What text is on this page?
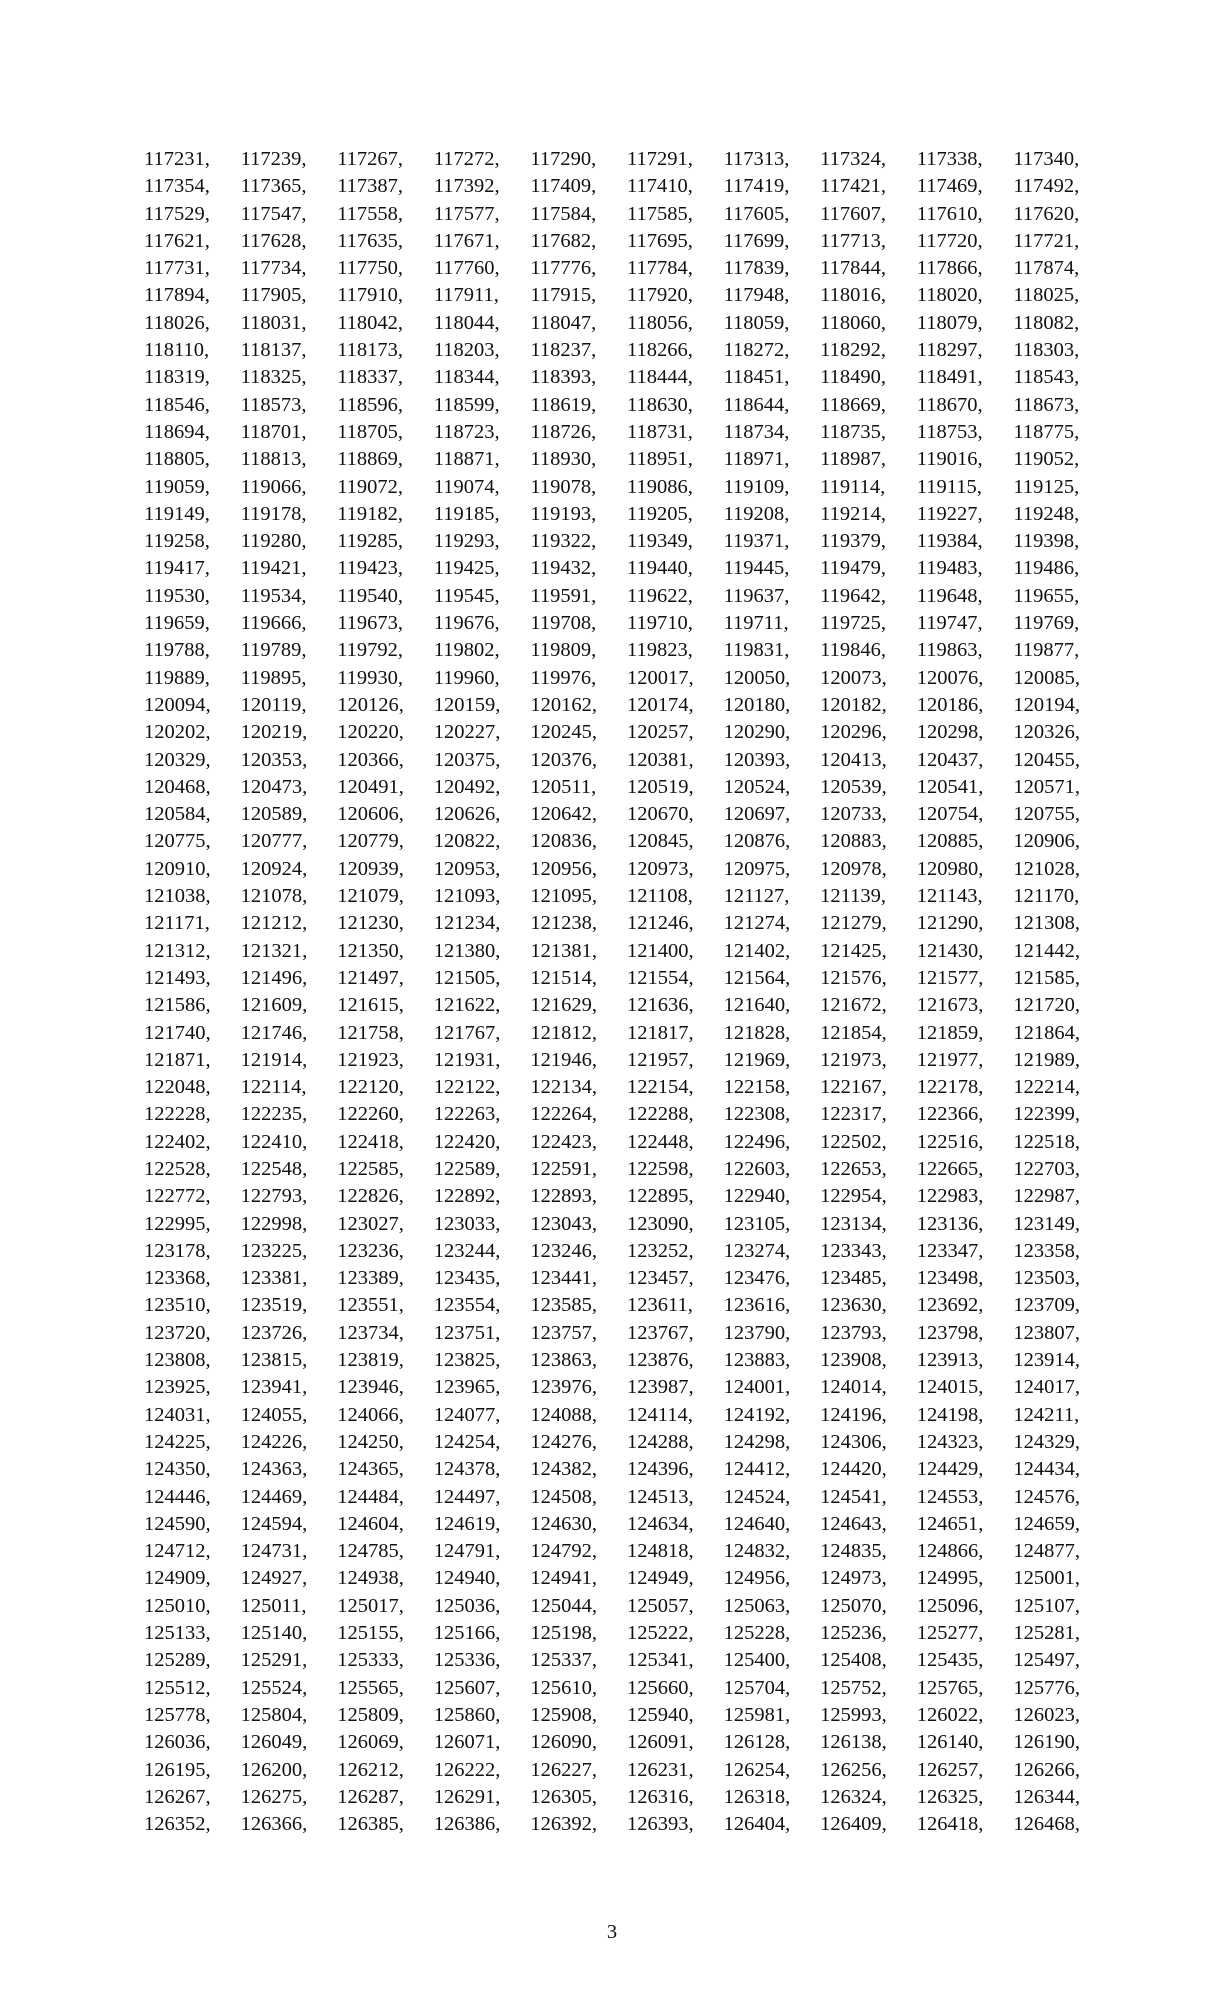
117231,	117239,	117267,	117272,	117290,	117291,	117313,	117324,	117338,	117340,
117354,	117365,	117387,	117392,	117409,	117410,	117419,	117421,	117469,	117492,
117529,	117547,	117558,	117577,	117584,	117585,	117605,	117607,	117610,	117620,
117621,	117628,	117635,	117671,	117682,	117695,	117699,	117713,	117720,	117721,
117731,	117734,	117750,	117760,	117776,	117784,	117839,	117844,	117866,	117874,
117894,	117905,	117910,	117911,	117915,	117920,	117948,	118016,	118020,	118025,
118026,	118031,	118042,	118044,	118047,	118056,	118059,	118060,	118079,	118082,
118110,	118137,	118173,	118203,	118237,	118266,	118272,	118292,	118297,	118303,
118319,	118325,	118337,	118344,	118393,	118444,	118451,	118490,	118491,	118543,
118546,	118573,	118596,	118599,	118619,	118630,	118644,	118669,	118670,	118673,
118694,	118701,	118705,	118723,	118726,	118731,	118734,	118735,	118753,	118775,
118805,	118813,	118869,	118871,	118930,	118951,	118971,	118987,	119016,	119052,
119059,	119066,	119072,	119074,	119078,	119086,	119109,	119114,	119115,	119125,
119149,	119178,	119182,	119185,	119193,	119205,	119208,	119214,	119227,	119248,
119258,	119280,	119285,	119293,	119322,	119349,	119371,	119379,	119384,	119398,
119417,	119421,	119423,	119425,	119432,	119440,	119445,	119479,	119483,	119486,
119530,	119534,	119540,	119545,	119591,	119622,	119637,	119642,	119648,	119655,
119659,	119666,	119673,	119676,	119708,	119710,	119711,	119725,	119747,	119769,
119788,	119789,	119792,	119802,	119809,	119823,	119831,	119846,	119863,	119877,
119889,	119895,	119930,	119960,	119976,	120017,	120050,	120073,	120076,	120085,
120094,	120119,	120126,	120159,	120162,	120174,	120180,	120182,	120186,	120194,
120202,	120219,	120220,	120227,	120245,	120257,	120290,	120296,	120298,	120326,
120329,	120353,	120366,	120375,	120376,	120381,	120393,	120413,	120437,	120455,
120468,	120473,	120491,	120492,	120511,	120519,	120524,	120539,	120541,	120571,
120584,	120589,	120606,	120626,	120642,	120670,	120697,	120733,	120754,	120755,
120775,	120777,	120779,	120822,	120836,	120845,	120876,	120883,	120885,	120906,
120910,	120924,	120939,	120953,	120956,	120973,	120975,	120978,	120980,	121028,
121038,	121078,	121079,	121093,	121095,	121108,	121127,	121139,	121143,	121170,
121171,	121212,	121230,	121234,	121238,	121246,	121274,	121279,	121290,	121308,
121312,	121321,	121350,	121380,	121381,	121400,	121402,	121425,	121430,	121442,
121493,	121496,	121497,	121505,	121514,	121554,	121564,	121576,	121577,	121585,
121586,	121609,	121615,	121622,	121629,	121636,	121640,	121672,	121673,	121720,
121740,	121746,	121758,	121767,	121812,	121817,	121828,	121854,	121859,	121864,
121871,	121914,	121923,	121931,	121946,	121957,	121969,	121973,	121977,	121989,
122048,	122114,	122120,	122122,	122134,	122154,	122158,	122167,	122178,	122214,
122228,	122235,	122260,	122263,	122264,	122288,	122308,	122317,	122366,	122399,
122402,	122410,	122418,	122420,	122423,	122448,	122496,	122502,	122516,	122518,
122528,	122548,	122585,	122589,	122591,	122598,	122603,	122653,	122665,	122703,
122772,	122793,	122826,	122892,	122893,	122895,	122940,	122954,	122983,	122987,
122995,	122998,	123027,	123033,	123043,	123090,	123105,	123134,	123136,	123149,
123178,	123225,	123236,	123244,	123246,	123252,	123274,	123343,	123347,	123358,
123368,	123381,	123389,	123435,	123441,	123457,	123476,	123485,	123498,	123503,
123510,	123519,	123551,	123554,	123585,	123611,	123616,	123630,	123692,	123709,
123720,	123726,	123734,	123751,	123757,	123767,	123790,	123793,	123798,	123807,
123808,	123815,	123819,	123825,	123863,	123876,	123883,	123908,	123913,	123914,
123925,	123941,	123946,	123965,	123976,	123987,	124001,	124014,	124015,	124017,
124031,	124055,	124066,	124077,	124088,	124114,	124192,	124196,	124198,	124211,
124225,	124226,	124250,	124254,	124276,	124288,	124298,	124306,	124323,	124329,
124350,	124363,	124365,	124378,	124382,	124396,	124412,	124420,	124429,	124434,
124446,	124469,	124484,	124497,	124508,	124513,	124524,	124541,	124553,	124576,
124590,	124594,	124604,	124619,	124630,	124634,	124640,	124643,	124651,	124659,
124712,	124731,	124785,	124791,	124792,	124818,	124832,	124835,	124866,	124877,
124909,	124927,	124938,	124940,	124941,	124949,	124956,	124973,	124995,	125001,
125010,	125011,	125017,	125036,	125044,	125057,	125063,	125070,	125096,	125107,
125133,	125140,	125155,	125166,	125198,	125222,	125228,	125236,	125277,	125281,
125289,	125291,	125333,	125336,	125337,	125341,	125400,	125408,	125435,	125497,
125512,	125524,	125565,	125607,	125610,	125660,	125704,	125752,	125765,	125776,
125778,	125804,	125809,	125860,	125908,	125940,	125981,	125993,	126022,	126023,
126036,	126049,	126069,	126071,	126090,	126091,	126128,	126138,	126140,	126190,
126195,	126200,	126212,	126222,	126227,	126231,	126254,	126256,	126257,	126266,
126267,	126275,	126287,	126291,	126305,	126316,	126318,	126324,	126325,	126344,
126352,	126366,	126385,	126386,	126392,	126393,	126404,	126409,	126418,	126468,
3
